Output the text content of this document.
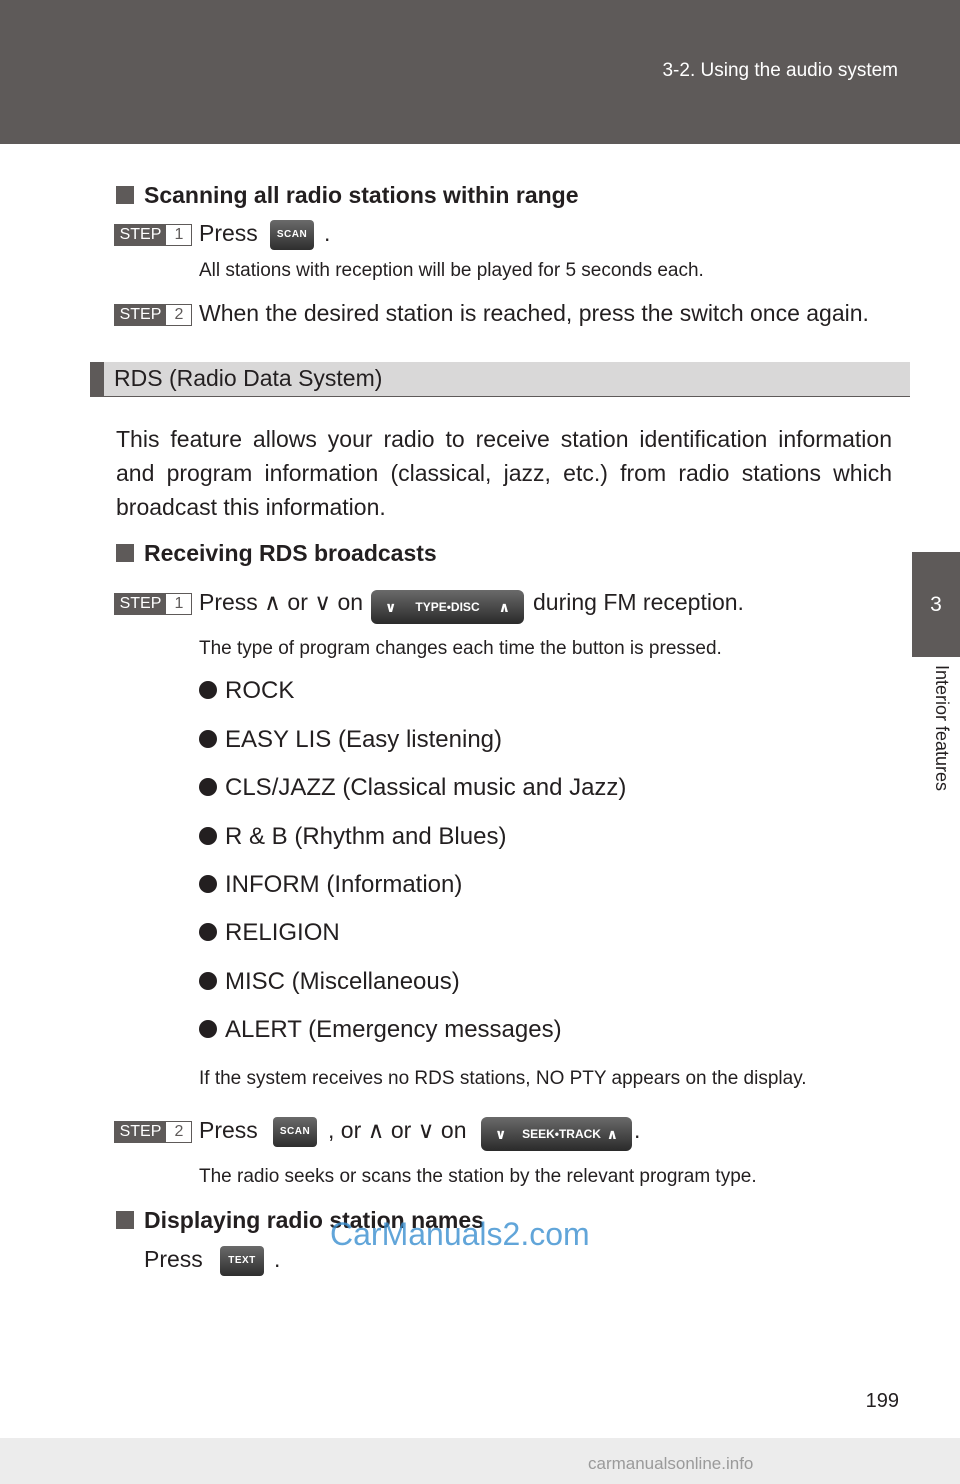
3-2. Using the audio system
3
Interior features
Scanning all radio stations within range
STEP 1 Press	SCAN .
All stations with reception will be played for 5 seconds each.
STEP 2 When the desired station is reached, press the switch once again.
RDS (Radio Data System)
This feature allows your radio to receive station identification information and program information (classical, jazz, etc.) from radio stations which broadcast this information.
Receiving RDS broadcasts
STEP 1 Press ∧ or ∨ on ∨ TYPE•DISC ∧ during FM reception.
The type of program changes each time the button is pressed.
ROCK
EASY LIS (Easy listening)
CLS/JAZZ (Classical music and Jazz)
R & B (Rhythm and Blues)
INFORM (Information)
RELIGION
MISC (Miscellaneous)
ALERT (Emergency messages)
If the system receives no RDS stations, NO PTY appears on the display.
STEP 2 Press	SCAN , or ∧ or ∨ on ∨ SEEK•TRACK ∧ .
The radio seeks or scans the station by the relevant program type.
Displaying radio station names
Press	TEXT .
CarManuals2.com
199
carmanualsonline.info
